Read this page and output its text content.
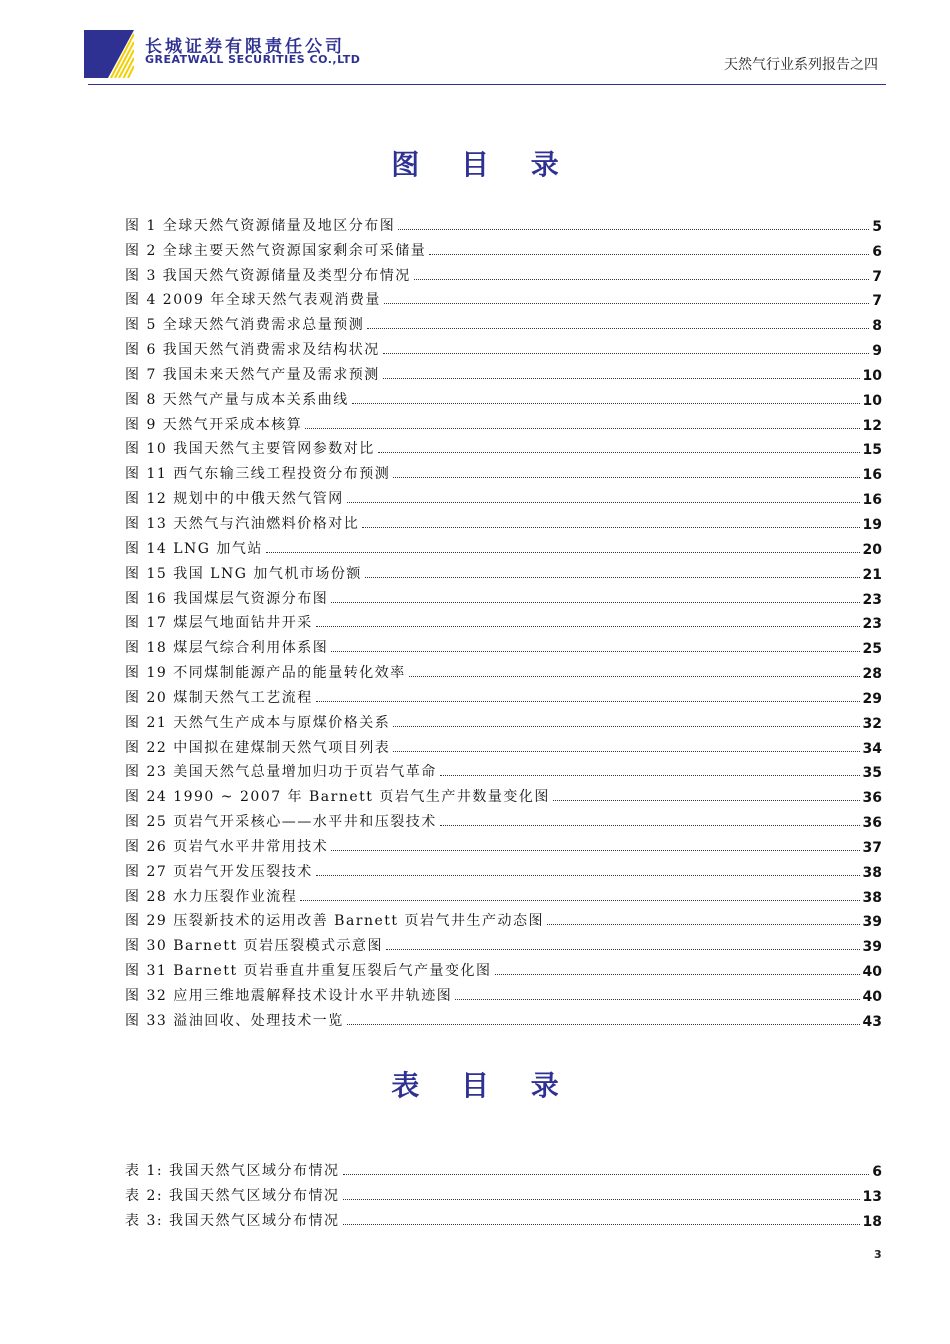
长城证券有限责任公司
GREATWALL SECURITIES CO.,LTD	天然气行业系列报告之四
图 目 录
图 1 全球天然气资源储量及地区分布图	5
图 2 全球主要天然气资源国家剩余可采储量	6
图 3 我国天然气资源储量及类型分布情况	7
图 4 2009 年全球天然气表观消费量	7
图 5 全球天然气消费需求总量预测	8
图 6 我国天然气消费需求及结构状况	9
图 7 我国未来天然气产量及需求预测	10
图 8 天然气产量与成本关系曲线	10
图 9 天然气开采成本核算	12
图 10 我国天然气主要管网参数对比	15
图 11 西气东输三线工程投资分布预测	16
图 12 规划中的中俄天然气管网	16
图 13 天然气与汽油燃料价格对比	19
图 14 LNG 加气站	20
图 15 我国 LNG 加气机市场份额	21
图 16 我国煤层气资源分布图	23
图 17 煤层气地面钻井开采	23
图 18 煤层气综合利用体系图	25
图 19 不同煤制能源产品的能量转化效率	28
图 20 煤制天然气工艺流程	29
图 21 天然气生产成本与原煤价格关系	32
图 22 中国拟在建煤制天然气项目列表	34
图 23 美国天然气总量增加归功于页岩气革命	35
图 24 1990 ~ 2007 年 Barnett 页岩气生产井数量变化图	36
图 25 页岩气开采核心——水平井和压裂技术	36
图 26 页岩气水平井常用技术	37
图 27 页岩气开发压裂技术	38
图 28 水力压裂作业流程	38
图 29 压裂新技术的运用改善 Barnett 页岩气井生产动态图	39
图 30 Barnett 页岩压裂模式示意图	39
图 31 Barnett 页岩垂直井重复压裂后气产量变化图	40
图 32 应用三维地震解释技术设计水平井轨迹图	40
图 33 溢油回收、处理技术一览	43
表 目 录
表 1: 我国天然气区域分布情况	6
表 2: 我国天然气区域分布情况	13
表 3: 我国天然气区域分布情况	18
3
